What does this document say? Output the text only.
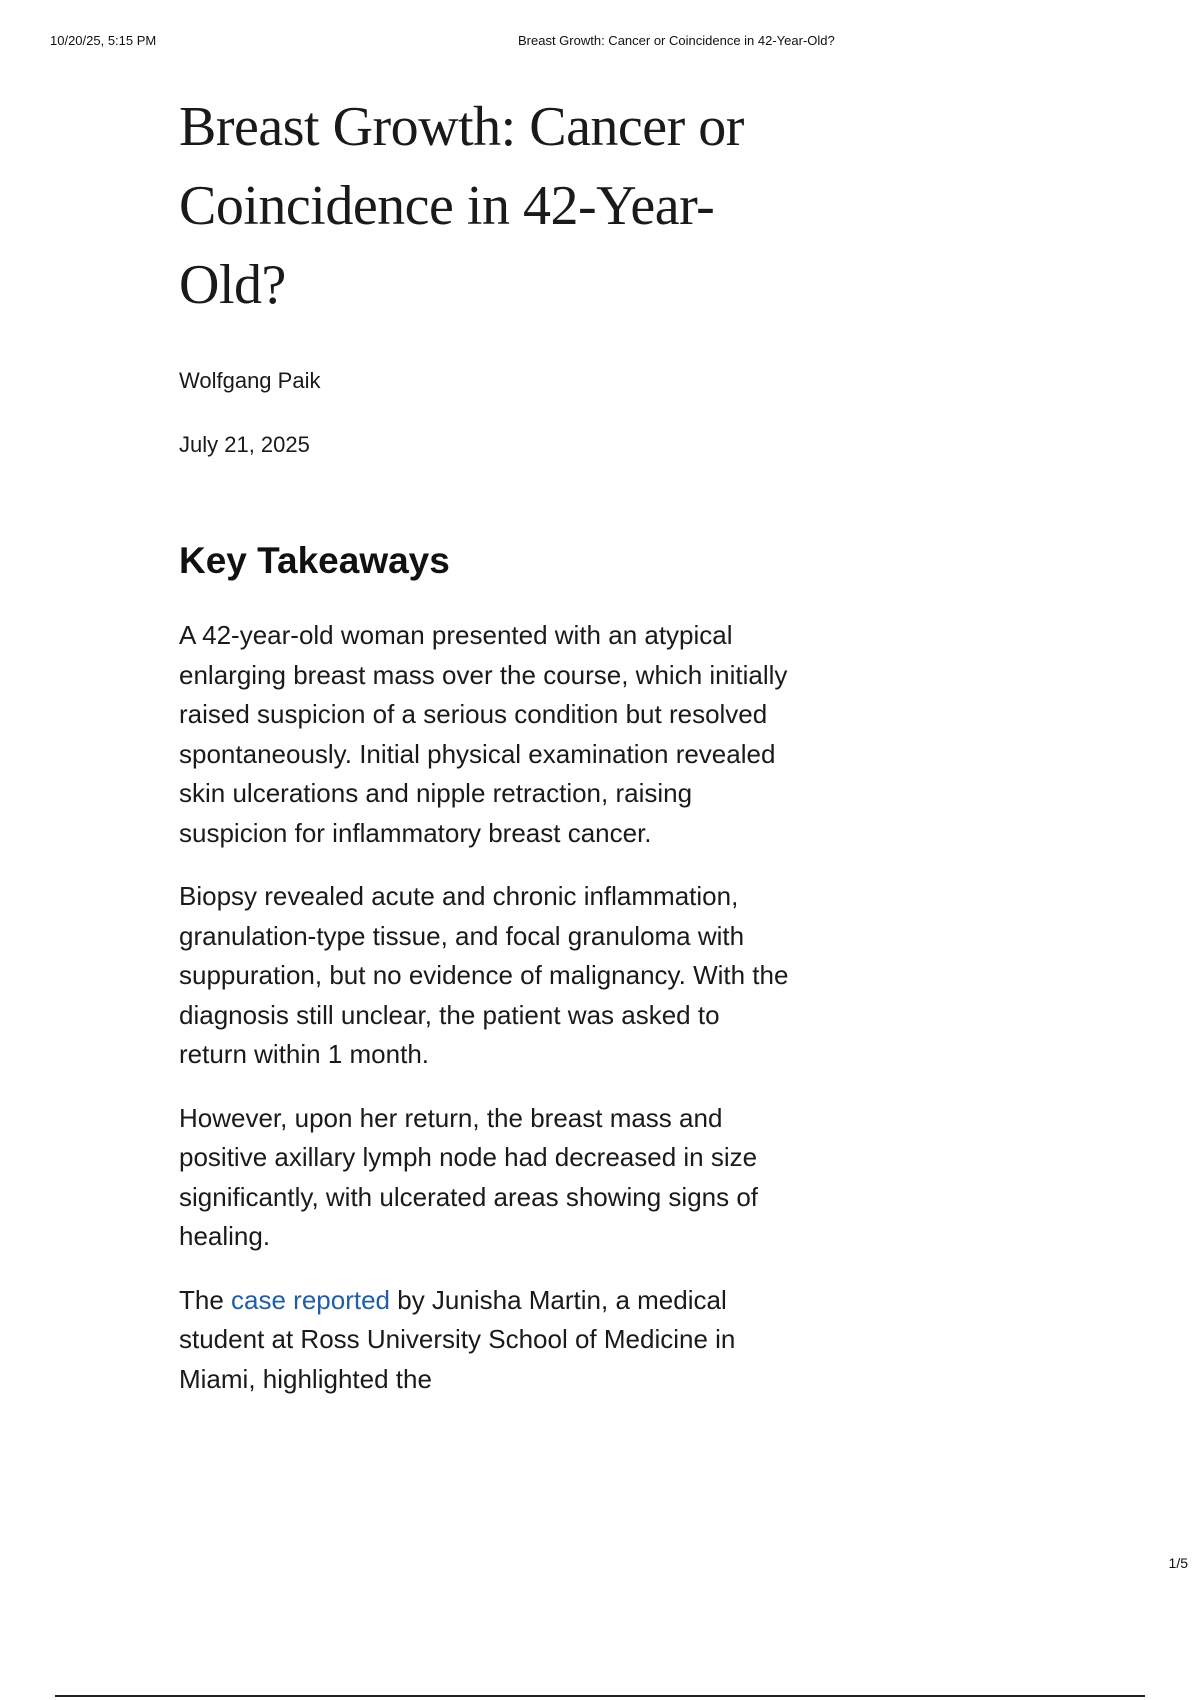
10/20/25, 5:15 PM	Breast Growth: Cancer or Coincidence in 42-Year-Old?
Breast Growth: Cancer or Coincidence in 42-Year-Old?

Wolfgang Paik

July 21, 2025

Key Takeaways

A 42-year-old woman presented with an atypical enlarging breast mass over the course, which initially raised suspicion of a serious condition but resolved spontaneously. Initial physical examination revealed skin ulcerations and nipple retraction, raising suspicion for inflammatory breast cancer.

Biopsy revealed acute and chronic inflammation, granulation-type tissue, and focal granuloma with suppuration, but no evidence of malignancy. With the diagnosis still unclear, the patient was asked to return within 1 month.

However, upon her return, the breast mass and positive axillary lymph node had decreased in size significantly, with ulcerated areas showing signs of healing.

The case reported by Junisha Martin, a medical student at Ross University School of Medicine in Miami, highlighted the

1/5
